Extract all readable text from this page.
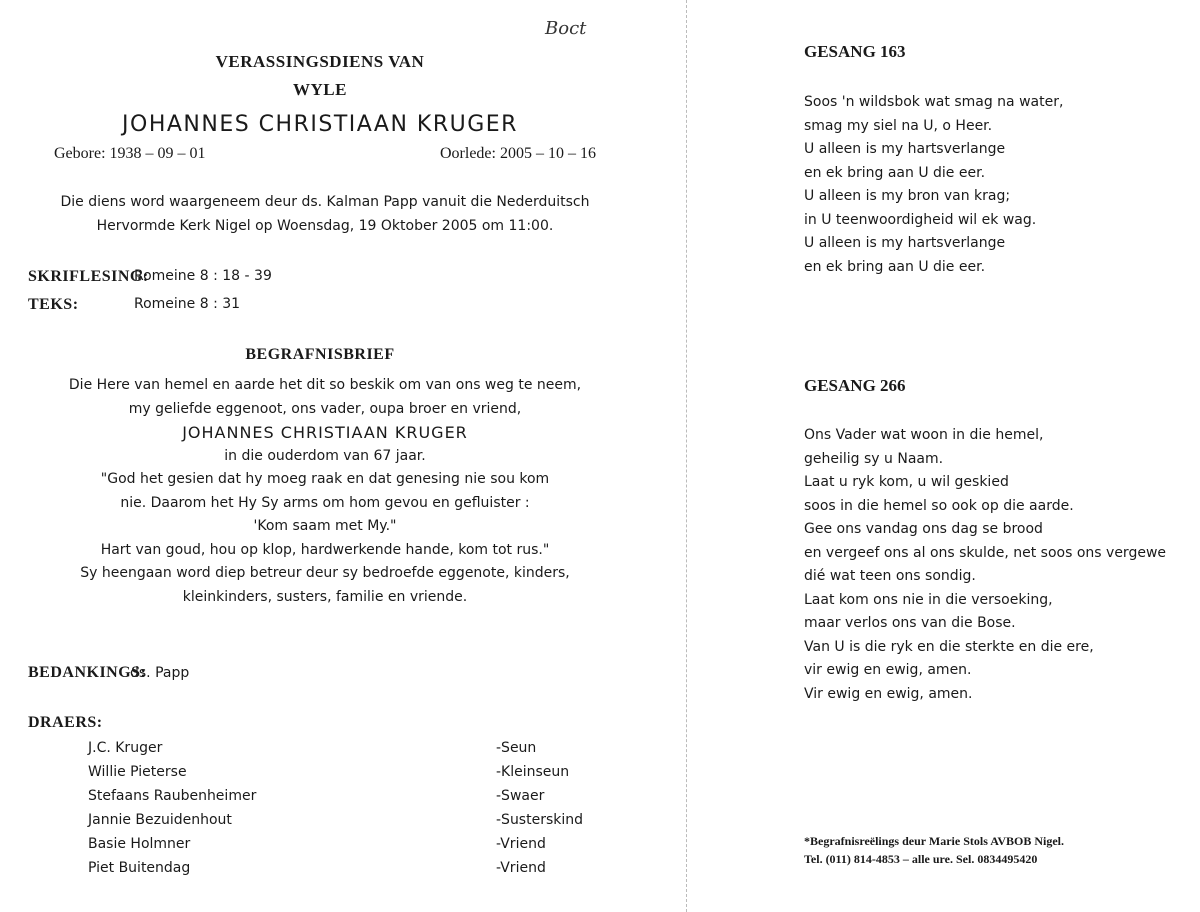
Boct
VERASSINGSDIENS VAN
WYLE
JOHANNES CHRISTIAAN KRUGER
Gebore: 1938 – 09 – 01	Oorlede: 2005 – 10 – 16
Die diens word waargeneem deur ds. Kalman Papp vanuit die Nederduitsch
Hervormde Kerk Nigel op Woensdag, 19 Oktober 2005 om 11:00.
SKRIFLESING:
Romeine 8 : 18 - 39
TEKS:	Romeine 8 : 31
BEGRAFNISBRIEF
Die Here van hemel en aarde het dit so beskik om van ons weg te neem,
my geliefde eggenoot, ons vader, oupa broer en vriend,
JOHANNES CHRISTIAAN KRUGER
in die ouderdom van 67 jaar.
"God het gesien dat hy moeg raak en dat genesing nie sou kom
nie. Daarom het Hy Sy arms om hom gevou en gefluister :
'Kom saam met My."
Hart van goud, hou op klop, hardwerkende hande, kom tot rus."
Sy heengaan word diep betreur deur sy bedroefde eggenote, kinders,
kleinkinders, susters, familie en vriende.
BEDANKINGS:
ds. Papp
DRAERS:
J.C. Kruger	-Seun
Willie Pieterse	-Kleinseun
Stefaans Raubenheimer	-Swaer
Jannie Bezuidenhout	-Susterskind
Basie Holmner	-Vriend
Piet Buitendag	-Vriend
GESANG 163
Soos 'n wildsbok wat smag na water,
smag my siel na U, o Heer.
U alleen is my hartsverlange
en ek bring aan U die eer.
U alleen is my bron van krag;
in U teenwoordigheid wil ek wag.
U alleen is my hartsverlange
en ek bring aan U die eer.
GESANG 266
Ons Vader wat woon in die hemel,
geheilig sy u Naam.
Laat u ryk kom, u wil geskied
soos in die hemel so ook op die aarde.
Gee ons vandag ons dag se brood
en vergeef ons al ons skulde, net soos ons vergewe
dié wat teen ons sondig.
Laat kom ons nie in die versoeking,
maar verlos ons van die Bose.
Van U is die ryk en die sterkte en die ere,
vir ewig en ewig, amen.
Vir ewig en ewig, amen.
*Begrafnisreëlings deur Marie Stols AVBOB Nigel.
Tel. (011) 814-4853 – alle ure. Sel. 0834495420
